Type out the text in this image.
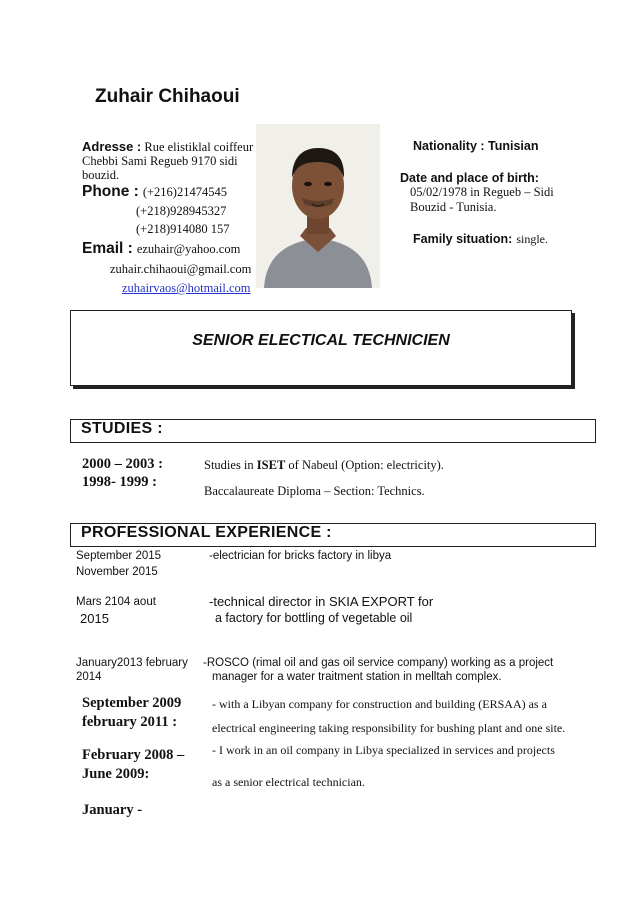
Zuhair Chihaoui
Adresse : Rue elistiklal coiffeur
Chebbi Sami Regueb 9170 sidi
bouzid.
Phone : (+216)21474545
(+218)928945327
(+218)914080 157
Email : ezuhair@yahoo.com
zuhair.chihaoui@gmail.com
zuhairvaos@hotmail.com
Nationality : Tunisian
Date and place of birth:
05/02/1978 in Regueb – Sidi
Bouzid - Tunisia.
Family situation: single.
SENIOR ELECTICAL TECHNICIEN
STUDIES :
2000 – 2003 :	Studies in ISET of Nabeul (Option: electricity).
1998- 1999 :
Baccalaureate Diploma – Section: Technics.
PROFESSIONAL EXPERIENCE :
September 2015
November 2015
-electrician for bricks factory in libya
Mars 2104 aout
2015
-technical director in SKIA EXPORT for
a factory for bottling of vegetable oil
January2013 february
2014
-ROSCO (rimal oil and gas oil service company) working as a project
manager for a water traitment station in melltah complex.
September 2009
february 2011 :
- with a Libyan company for construction and building (ERSAA) as a
electrical engineering taking responsibility for bushing plant and one site.
February 2008 –
June 2009:
- I work in an oil company in Libya specialized in services and projects
as a senior electrical technician.
January -
